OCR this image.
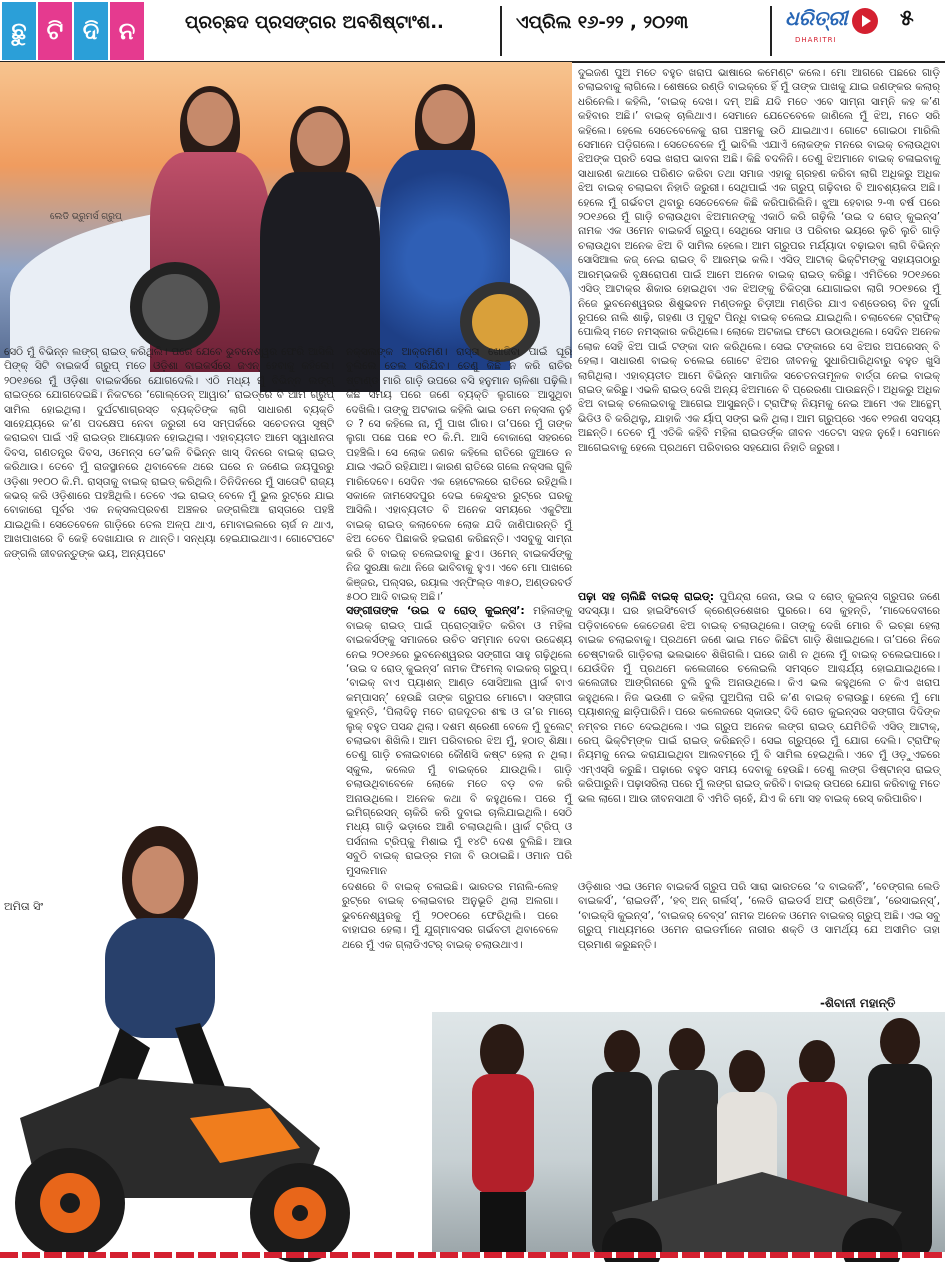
ଛୁ ଟି ଦି ନ	ପ୍ରଚ୍ଛଦ ପ୍ରସଙ୍ଗର ଅବଶିଷ୍ଟାଂଶ..	ଏପ୍ରିଲ ୧୬-୨୨ , ୨୦୨୩	ଧରିତ୍ରୀ
DHARITRI
୫
ଲେଡି ଭ୍ରୁମର୍ସ ଗ୍ରୁପ୍
ଅମିତା ସିଂ

ସେଠି ମୁଁ ବିଭିନ୍ନ ଲଙ୍ଗ୍ ରାଇଡ୍ କରିଥିଲି। ପରେ ଯେବେ ଭୁବନେଶ୍ୱର ଫେରି ଆସିଲି ପିଙ୍କ୍ ସିଟି ବାଇକର୍ସ ଗ୍ରୁପ୍ ମତେ ଓଡ଼ିଶା ବାଇକର୍ସରେ ଜଏନ୍ ହେବାକୁ କହିଲେ। ୨୦୧୬ରେ ମୁଁ ଓଡ଼ିଶା ବାଇକର୍ସରେ ଯୋଗଦେଲି। ଏଠି ମଧ୍ୟ ମୁଁ ବିଭିନ୍ନ ଲଙ୍ଗ୍ ରାଇଡ୍ରେ ଯୋଗଦେଇଛି। ନିକଟରେ ‘ଗୋଲ୍ଡେନ୍ ଆୱାର’ ରାଇଡ୍ରେ ବି ଆମ ଗ୍ରୁପ୍ ସାମିଲ ହୋଇଥିଲା। ଦୁର୍ଘଟଣାଗ୍ରସ୍ତ ବ୍ୟକ୍ତିଙ୍କ ଲାଗି ସାଧାରଣ ବ୍ୟକ୍ତି ସାହେଯ୍ୟରେ କ’ଣ ପଦକ୍ଷେପ ନେବା ଜରୁରୀ ସେ ସମ୍ପର୍କରେ ସଚେତନତା ସୃଷ୍ଟି କରାଇବା ପାଇଁ ଏହି ରାଇଡ୍ର ଆୟୋଜନ ହୋଇଥିଲା। ଏହାବ୍ୟତୀତ ଆମେ ସ୍ୱାଧୀନତା ଦିବସ, ଗଣତନ୍ତ୍ର ଦିବସ, ଓମେନ୍ସ ଡେ’ଭଳି ବିଭିନ୍ନ ଖାସ୍ ଦିନରେ ବାଇକ୍ ରାଇଡ୍ କରିଥାଉ। ତେବେ ମୁଁ ରାଜସ୍ଥାନରେ ଥିବାବେଳେ ଥରେ ଘରେ ନ ଜଣେଇ ଜୟପୁରରୁ ଓଡ଼ିଶା ୨୧୦୦ କି.ମି. ରାସ୍ତାକୁ ବାଇକ୍ ରାଇଡ୍ କରିଥିଲି। ତିନିଦିନରେ ମୁଁ ସାତୋଟି ରାଜ୍ୟ କଭର୍ କରି ଓଡ଼ିଶାରେ ପହଞ୍ଚିଥିଲି। ତେବେ ଏଇ ରାଇଡ୍ ବେଳେ ମୁଁ ଭୁଲ ରୁଟ୍ରେ ଯାଇ ବୋକାରୋ ପୂର୍ବର ଏକ ନକ୍ସଲପ୍ରବଣ ଅଞ୍ଚଳର ଜଙ୍ଗଲିଆ ରାସ୍ତାରେ ପହଞ୍ଚି ଯାଇଥିଲି। ସେତେବେଳେ ଗାଡ଼ିରେ ତେଲ ଅଳ୍ପ ଥାଏ, ମୋବାଇଲରେ ଚାର୍ଜ ନ ଥାଏ, ଆଖପାଖରେ ବି କେହି ଦେଖାଯାଉ ନ ଥାନ୍ତି। ସନ୍ଧ୍ୟା ହେଇଯାଇଥାଏ। ଗୋଟେପଟେ ଜଙ୍ଗଲି ଜୀବଜନ୍ତୁଙ୍କ ଭୟ, ଅନ୍ୟପଟେ

ନକ୍ସଲଙ୍କ ଆକ୍ରମଣ। ରାସ୍ତା ଖୋଜିବା ପାଇଁ ଘୂରି ବୁଲିଲେ ତେଲ ସରିଯିବ। ତେଣୁ କିଛି ନ କରି ରାତିର ଷ୍ଟାଣ୍ଡ ମାରି ଗାଡ଼ି ଉପରେ ବସି ହନୁମାନ ଚାଳିଶା ପଢ଼ିଲି। କିଛି ସମୟ ପରେ ଜଣେ ବ୍ୟକ୍ତି ଲୁଗାରେ ଆସୁଥିବା ଦେଖିଲି। ତାଙ୍କୁ ଅଟକାଇ କହିଲି ଭାଇ ତମେ ନକ୍ସଲ ନୁହଁ ତ ? ସେ କହିଲେ ନା, ମୁଁ ପାଖ ଗାଁର। ତା’ପରେ ମୁଁ ତାଙ୍କ ଲୁଗା ପଛେ ପଛେ ୧୦ କି.ମି. ଆସି ବୋକାରୋ ସହରରେ ପହଞ୍ଚିଲି। ସେ ଲୋକ ଜଣକ କହିଲେ ରାତିରେ ଜୁଆଡେ ନ ଯାଇ ଏଇଠି ରହିଯାଅ। କାରଣ ରାତିରେ ଗଲେ ନକ୍ସଲ ଗୁଳି ମାରିଦେବେ। ସେଦିନ ଏକ ହୋଟେଲରେ ରାତିରେ ରହିଥିଲି। ସକାଳେ ଜାମସେଦପୁର ଦେଇ କେନ୍ଦୁଝର ରୁଟ୍ରେ ଘରକୁ ଆସିଲି। ଏହାବ୍ୟତୀତ ବି ଅନେକ ସମୟରେ ଏକୁଟିଆ ବାଇକ୍ ରାଇଡ୍ କଲାବେଳେ ଲୋକ ଯଦି ଜାଣିପାରନ୍ତି ମୁଁ ଝିଅ ତେବେ ପିଛାକରି ହଇରାଣ କରିଛନ୍ତି। ଏସବୁକୁ ସାମ୍ନା କରି ବି ବାଇକ୍ ଚଲେଇବାକୁ ଛୁଏ। ଓମେନ୍ ବାଇକର୍ସଙ୍କୁ ନିଜ ସୁରକ୍ଷା କଥା ନିଜେ ଭାବିବାକୁ ହୁଏ। ଏବେ ମୋ ପାଖରେ କିଞ୍ଜର, ପଲ୍ସର, ରୟାଲ ଏନ୍ଫିଲ୍ଡ ୩୫୦, ଅଣ୍ଡରବର୍ଡ ୫୦୦ ଆଦି ବାଇକ୍ ଅଛି।’

ସଙ୍ଗୀତାଙ୍କ ‘ଉଇ ଦ ରୋଡ୍ କୁଇନ୍ସ’: ମହିଳାଙ୍କୁ ବାଇକ୍ ରାଇଡ୍ ପାଇଁ ପ୍ରୋତ୍ସାହିତ କରିବା ଓ ମହିଳା ବାଇକର୍ସଙ୍କୁ ସମାଜରେ ଉଚିତ ସମ୍ମାନ ଦେବା ଉଦ୍ଦେଶ୍ୟ ନେଇ ୨୦୧୬ରେ ଭୁବନେଶ୍ୱରର ସଙ୍ଗୀତା ସାହୁ ଗଢ଼ିଥିଲେ ‘ଉଇ ଦ ରୋଡ୍ କୁଇନ୍ସ’ ନାମକ ଫିମେଲ୍ ବାଇକର୍ ଗ୍ରୁପ୍। ‘ବାଇକ୍ ବାଏ ପ୍ୟାଶନ୍ ଆଣ୍ଡ ସୋସିଆଲ ୱାର୍କ ବାଏ କମ୍ପାସନ୍’ ହେଉଛି ତାଙ୍କ ଗ୍ରୁପର ମୋଟୋ। ସଙ୍ଗୀତା କୁହନ୍ତି, ‘ପିଲାଦିନୁ ମତେ ରାଜଦୂତର ଶବ୍ଦ ଓ ତା’ର ମାଚୋ ଲୁକ୍ ବହୁତ ପସନ୍ଦ ଥିଲା। ଦଶମ ଶ୍ରେଣୀ ବେଳେ ମୁଁ ବୁଲେଟ୍ ଚଲାଇବା ଶିଖିଲି। ଆମ ପରିବାରର ଝିଅ ମୁଁ, ହଠାତ୍ ଶିକ୍ଷା। ତେଣୁ ଗାଡ଼ି ଚଳାଇବାରେ କୌଣସି କଷ୍ଟ ହେଲା ନ ଥିଲା। ସ୍କୁଲ, କଲେଜ ମୁଁ ବାଇକ୍ରେ ଯାଉଥିଲି। ଗାଡ଼ି ଚଲାଉଥିବାବେଳେ ଲୋକେ ମତେ ବଡ଼ ବଳ କରି ଅନାଉଥିଲେ। ଅନେକ କଥା ବି କହୁଥିଲେ। ପରେ ମୁଁ ଇମିଗ୍ରେସନ୍ ଚାକିରି କରି ଦୁବାଇ ଚାଲିଯାଇଥିଲି। ସେଠି ମଧ୍ୟ ଗାଡ଼ି ଭଡ଼ାରେ ଆଣି ଚଲାଉଥିଲି। ୱାର୍କ ଟ୍ରିପ୍ ଓ ପର୍ସନାଲ ଟ୍ରିପ୍କୁ ମିଶାଇ ମୁଁ ୧୪ଟି ଦେଶ ବୁଲିଛି। ଆଉ ସବୁଠି ବାଇକ୍ ରାଇଡ୍ର ମଜା ବି ଉଠାଇଛି। ଓମାନ ପରି ମୁସଲମାନ

ଦେଶରେ ବି ବାଇକ୍ ଚଳାଇଛି। ଭାରତର ମନାଲି-ଲେହ ରୁଟ୍ରେ ବାଇକ୍ ଚଲାଇବାର ଅନୁଭୂତି ଥିଲା ଅଲଗା। ଭୁବନେଶ୍ୱରକୁ ମୁଁ ୨୦୧୦ରେ ଫେରିଥିଲି। ପରେ ବାହାଘର ହେଲା। ମୁଁ ଯୁଗ୍ମାବସର ଗର୍ଭବତୀ ଥିବାବେଳେ ଥରେ ମୁଁ ଏକ ଗ୍ଲାଡିଏଟର୍ ବାଇକ୍ ଚଲାଉଥାଏ।

ଦୁଇଜଣ ପୁଅ ମତେ ବହୁତ ଖରାପ ଭାଷାରେ କମେଣ୍ଟ କଲେ। ମୋ ଆଗରେ ପଛରେ ଗାଡ଼ି ଚଲାଇବାକୁ ଲାଗିଲେ। ଶେଷରେ ରଣ୍ଡି ବାଇକ୍ରେ ହିଁ ମୁଁ ତାଙ୍କ ପାଖକୁ ଯାଇ ଜଣଙ୍କର କଲାର୍ ଧରିନେଲି। କହିଲି, ‘ବାଇକ୍ ଦେଖ। ଦମ୍ ଅଛି ଯଦି ମତେ ଏବେ ସାମ୍ନା ସାମ୍ନି କହ କ’ଣ କହିବାର ଅଛି।’ ବାଇକ୍ ଚାଲିଥାଏ। ସେମାନେ ଯେତେବେଳେ ଜାଣିଲେ ମୁଁ ଝିଅ, ମତେ ସରି କହିଲେ। ହେଲେ ସେତେବେଳେକୁ ରାଗ ପଞ୍ଚମକୁ ଉଠି ଯାଇଥାଏ। ଗୋଟେ ଗୋଇଠା ମାରିଲି ସେମାନେ ପଡ଼ିଗଲେ। ସେତେବେଳେ ମୁଁ ଭାବିଲି ଏଯାଏଁ ଲୋକଙ୍କ ମନରେ ବାଇକ୍ ଚଲାଉଥିବା ଝିଅଙ୍କ ପ୍ରତି ସେଇ ଖରାପ ଭାବନା ଅଛି। କିଛି ବଦଳିନି। ତେଣୁ ଝିଅମାନେ ବାଇକ୍ ଚଳାଇବାକୁ ସାଧାରଣ କଥାରେ ପରିଣତ କରିବା ତଥା ସମାଜ ଏହାକୁ ଗ୍ରହଣ କରିବା ଲାଗି ଅଧିକରୁ ଅଧିକ ଝିଅ ବାଇକ୍ ଚଲାଇବା ନିହାତି ଜରୁରୀ। ସେଥିପାଇଁ ଏକ ଗ୍ରୁପ୍ ଗଢ଼ିବାର ବି ଆବଶ୍ୟକତା ଅଛି। ହେଲେ ମୁଁ ଗର୍ଭବତୀ ଥିବାରୁ ସେତେବେଳେ କିଛି କରିପାରିଲିନି। ଝୁଆ ହେବାର ୨-୩ ବର୍ଷ ପରେ ୨୦୧୬ରେ ମୁଁ ଗାଡ଼ି ଚଲାଉଥିବା ଝିଅମାନଙ୍କୁ ଏକାଠି କରି ଗଢ଼ିଲି ‘ଉଇ ଦ ରୋଡ୍ କୁଇନ୍ସ’ ନାମକ ଏକ ଓମେନ ବାଇକର୍ସ ଗ୍ରୁପ୍। ସେଥିରେ ସମାଜ ଓ ପରିବାର ଭୟରେ ଲୁଚି ଲୁଚି ଗାଡ଼ି ଚଲାଉଥିବା ଅନେକ ଝିଅ ବି ସାମିଲ ହେଲେ। ଆମ ଗ୍ରୁପର ମର୍ଯ୍ୟାଦା ବଢ଼ାଇବା ଲାଗି ବିଭିନ୍ନ ସୋସିଆଲ କଜ୍ ନେଇ ରାଇଡ୍ ବି ଆରମ୍ଭ କଲି। ଏସିଡ୍ ଆଟାକ୍ ଭିକ୍ଟିମଙ୍କୁ ସହାୟତାଠାରୁ ଆରମ୍ଭକରି ବୃକ୍ଷରୋପଣ ପାଇଁ ଆମେ ଅନେକ ବାଇକ୍ ରାଇଡ୍ କରିଛୁ। ଏମିତିରେ ୨୦୧୬ରେ ଏସିଡ୍ ଆଟାକ୍ର ଶିକାର ହୋଇଥିବା ଏକ ଝିଅଙ୍କୁ ଚିକିତ୍ସା ଯୋଗାଇବା ଲାଗି ୨୦୧୭ରେ ମୁଁ ନିଜେ ଭୁବନେଶ୍ୱରର ଶିଶୁଭବନ ମଣ୍ଡଳରୁ ଚିଡ଼ୀଆ ମଣ୍ଡିର ଯାଏ ବଣ୍ଡେରଚା ବିନ ଦୁର୍ଗା ରୂପରେ ନାଲି ଶାଢ଼ି, ଗହଣା ଓ ମୁକୁଟ ପିନ୍ଧି ବାଇକ୍ ଚଲେଇ ଯାଇଥିଲି। ଚଲାବେଳେ ଟ୍ରାଫିକ୍ ପୋଲିସ୍ ମତେ ନମସ୍କାର କରିଥିଲେ। ଲୋକେ ଅଟକାଇ ଫଟୋ ଉଠାଉଥିଲେ। ସେଦିନ ଅନେକ ଲୋକ ସେହି ଝିଅ ପାଇଁ ଟଙ୍କା ଦାନ କରିଥିଲେ। ସେଇ ଟଙ୍କାରେ ସେ ଝିଅର ଅପରେସନ୍ ବି ହେଲା। ସାଧାରଣ ବାଇକ୍ ଚଲେଇ ଗୋଟେ ଝିଅର ଜୀବନକୁ ସୁଧାରିପାରିଥିବାରୁ ବହୁତ ଖୁସି ଲାଗିଥିଲା। ଏହାବ୍ୟତୀତ ଆମେ ବିଭିନ୍ନ ସାମାଜିକ ସଚେତନତାମୂଳକ ବାର୍ତ୍ତା ନେଇ ବାଇକ୍ ରାଇଡ୍ କରିଛୁ। ଏଭଳି ରାଇଡ୍ ଦେଖି ଅନ୍ୟ ଝିଅମାନେ ବି ପ୍ରେରଣା ପାଉଛନ୍ତି। ଅଧିକରୁ ଅଧିକ ଝିଅ ବାଇକ୍ ଚଲେଇବାକୁ ଆଗେଇ ଆସୁଛନ୍ତି। ଟ୍ରାଫିକ୍ ନିୟମକୁ ନେଇ ଆମେ ଏକ ଆନ୍ଥେମ୍ ଭିଡିଓ ବି କରିଥିଲୁ, ଯାହାକି ଏକ ର୍ୟାପ୍ ସଙ୍ଗ ଭଳି ଥିଲା। ଆମ ଗ୍ରୁପ୍ରେ ଏବେ ୧୨ଜଣ ସଦସ୍ୟ ଅଛନ୍ତି। ତେବେ ମୁଁ ଏତିକି କହିବି ମହିଳା ରାଇଡର୍ଙ୍କ ଜୀବନ ଏତେଟା ସହଜ ନୁହେଁ। ସେମାନେ ଆଗେଇବାକୁ ହେଲେ ପ୍ରଥମେ ପରିବାରର ସହଯୋଗ ନିହାତି ଜରୁରୀ।

ପଢ଼ା ସହ ଚାଲିଛି ବାଇକ୍ ରାଇଡ୍: ପୁପିନ୍ଦ୍ରା ଜେନା, ଉଇ ଦ ରୋଡ୍ କୁଇନ୍ସ ଗ୍ରୁପର ଜଣେ ସଦସ୍ୟା। ଘର ହାଇସିଂବୋର୍ଡ କ୍ରେଣ୍ଡଶେଖର ପୁରରେ। ସେ କୁହନ୍ତି, ‘ମାଦେଦେବୀରେ ପଡ଼ିବାବେଳେ କେତେଜଣ ଝିଅ ବାଇକ୍ ଚଲାଉଥିଲେ। ତାଙ୍କୁ ଦେଖି ମୋର ବି ଇଚ୍ଛା ହେଲା ବାଇକ ଚଲାଇବାକୁ। ପ୍ରଥମେ ଜଣେ ଭାଇ ମତେ କିଛିଟା ଗାଡ଼ି ଶିଖାଇଥିଲେ। ତା’ପରେ ନିଜେ ଚେଷ୍ଟାକରି ଗାଡ଼ିଚଲା ଭଲଭାବେ ଶିଖିଗଲି। ଘରେ ଜାଣି ନ ଥିଲେ ମୁଁ ବାଇକ୍ ଚଲେଇପାରେ। ଯେଉଁଦିନ ମୁଁ ପ୍ରଥମେ କଲେଜୀରେ ଚଲେଇଲି ସମସ୍ତେ ଆଶ୍ଚର୍ଯ୍ୟ ହୋଇଯାଇଥିଲେ। କଲେଜୀର ଆଙ୍ଗିନାରେ ବୁଲି ବୁଲି ଅନାଉଥିଲେ। କିଏ ଭଲ କହୁଥିଲେ ତ କିଏ ଖରାପ କହୁଥିଲେ। ନିଜ ଭଉଣୀ ତ କହିଲା ପୁଅପିଲା ପରି କ’ଣ ବାଇକ୍ ଚଲାଉଛୁ। ହେଲେ ମୁଁ ମୋ ପ୍ୟାଶନ୍କୁ ଛାଡ଼ିପାରିନି। ପରେ କଲେଜରେ ସ୍କାଉଟ୍ ଦିଦି ରୋଡ କୁଇନ୍ସର ସଙ୍ଗୀତା ଦିଦିଙ୍କ ନମ୍ବର ମତେ ଦେଇଥିଲେ। ଏଇ ଗ୍ରୁପ ଅନେକ ଲଙ୍ଗ ରାଇଡ୍ ଯେମିତିକି ଏସିଡ୍ ଆଟାକ୍, ରେପ୍ ଭିକ୍ଟିମ୍ଙ୍କ ପାଇଁ ରାଇଡ୍ କରିଛନ୍ତି। ସେଇ ଗ୍ରୁପ୍ରେ ମୁଁ ଯୋଗ ଦେଲି। ଟ୍ରାଫିକ୍ ନିୟମକୁ ନେଇ କରାଯାଇଥିବା ଆଲବମ୍ରେ ମୁଁ ବି ସାମିଲ ହେଇଥିଲି। ଏବେ ମୁଁ ଓଡ଼ୁଏଚ୍ଚରେ ଏମ୍ଏସ୍ସି କରୁଛି। ପଢ଼ାରେ ବହୁତ ସମୟ ଦେବାକୁ ହେଉଛି। ତେଣୁ ଲଙ୍ଗ ଡିଷ୍ଟାନ୍ସ ରାଇଡ୍ କରିପାରୁନି। ପଢ଼ାସରିଲା ପରେ ମୁଁ ଲଙ୍ଗ ରାଇଡ୍ କରିବି। ବାଇକ୍ ଉପରେ ଯୋଗ କରିବାକୁ ମତେ ଭଲ ଲାଗେ। ଆଉ ଜୀବନସାଥୀ ବି ଏମିତି ଚାହେଁ, ଯିଏ କି ମୋ ସହ ବାଇକ୍ ରେସ୍ କରିପାରିବ।

ଓଡ଼ିଶାର ଏଇ ଓମେନ ବାଇକର୍ସ ଗ୍ରୁପ ପରି ସାରା ଭାରତରେ ‘ଦ ବାଇକର୍ନି’, ‘ବେଙ୍ଗଲ ଲେଡି ବାଇକର୍ସ’, ‘ରାଇଡର୍ନି’, ‘ହବ୍ ଅନ୍ ଗର୍ଲସ୍’, ‘ଲେଡି ରାଇଡର୍ସ ଅଫ୍ ଇଣ୍ଡିଆ’, ‘ରେସାଇନ୍ସ୍’, ‘ବାଇକ୍ସି କୁଇନ୍ସ’, ‘ବାଇକର୍ ବେବ୍ସ’ ନାମକ ଅନେକ ଓମେନ ବାଇକର୍ ଗ୍ରୁପ୍ ଅଛି। ଏଇ ସବୁ ଗ୍ରୁପ୍ ମାଧ୍ୟମରେ ଓମେନ ରାଇଡର୍ମାନେ ନାରୀର ଶକ୍ତି ଓ ସାମର୍ଥ୍ୟ ଯେ ଅସୀମିତ ତାହା ପ୍ରମାଣ କରୁଛନ୍ତି।

-ଶିବାନୀ ମହାନ୍ତି
